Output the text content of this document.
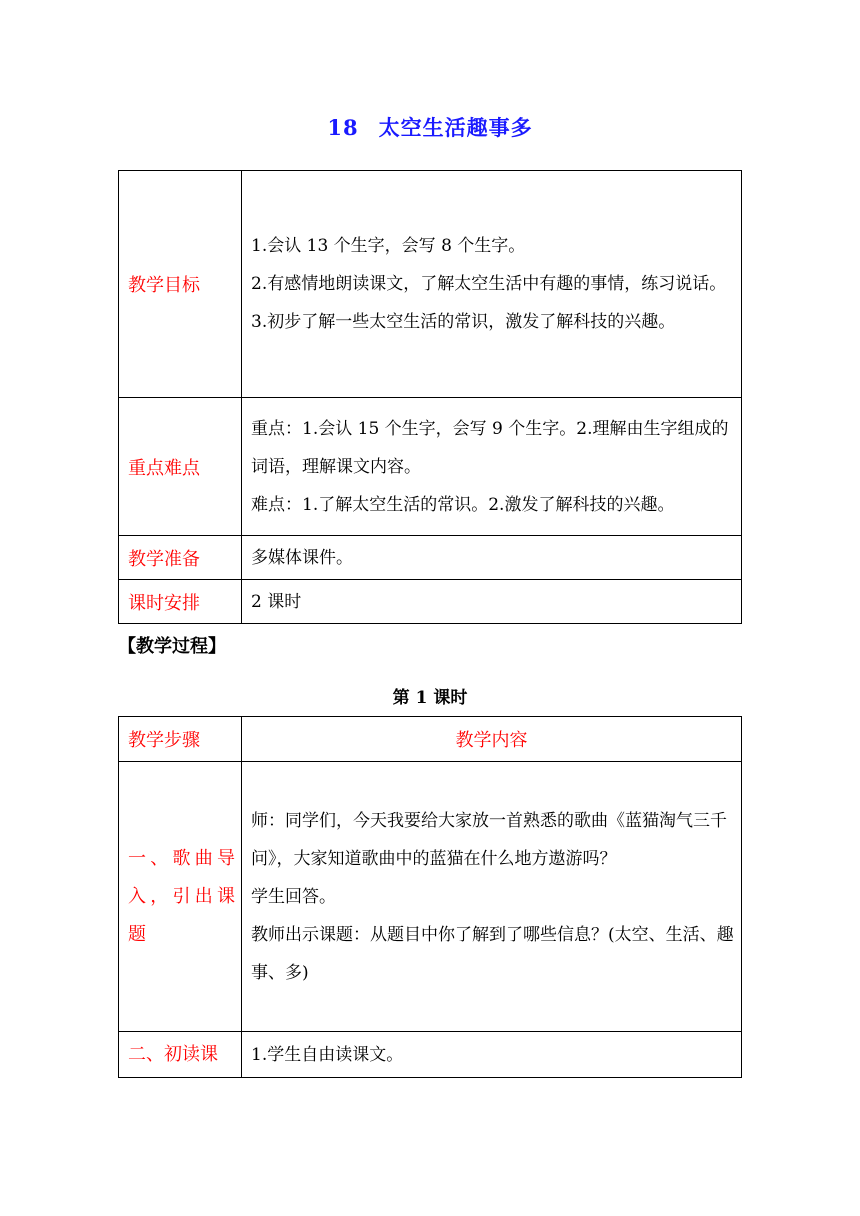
18 太空生活趣事多
教学目标	1.会认 13 个生字，会写 8 个生字。

2.有感情地朗读课文，了解太空生活中有趣的事情，练习说话。

3.初步了解一些太空生活的常识，激发了解科技的兴趣。

重点难点	重点：1.会认 15 个生字，会写 9 个生字。2.理解由生字组成的词语，理解课文内容。

难点：1.了解太空生活的常识。2.激发了解科技的兴趣。

教学准备	多媒体课件。

课时安排	2 课时

【教学过程】
第 1 课时
教学步骤	教学内容
一、歌曲导入，引出课题	师：同学们，今天我要给大家放一首熟悉的歌曲《蓝猫淘气三千问》，大家知道歌曲中的蓝猫在什么地方遨游吗？

学生回答。

教师出示课题：从题目中你了解到了哪些信息？(太空、生活、趣事、多)

二、初读课	1.学生自由读课文。
